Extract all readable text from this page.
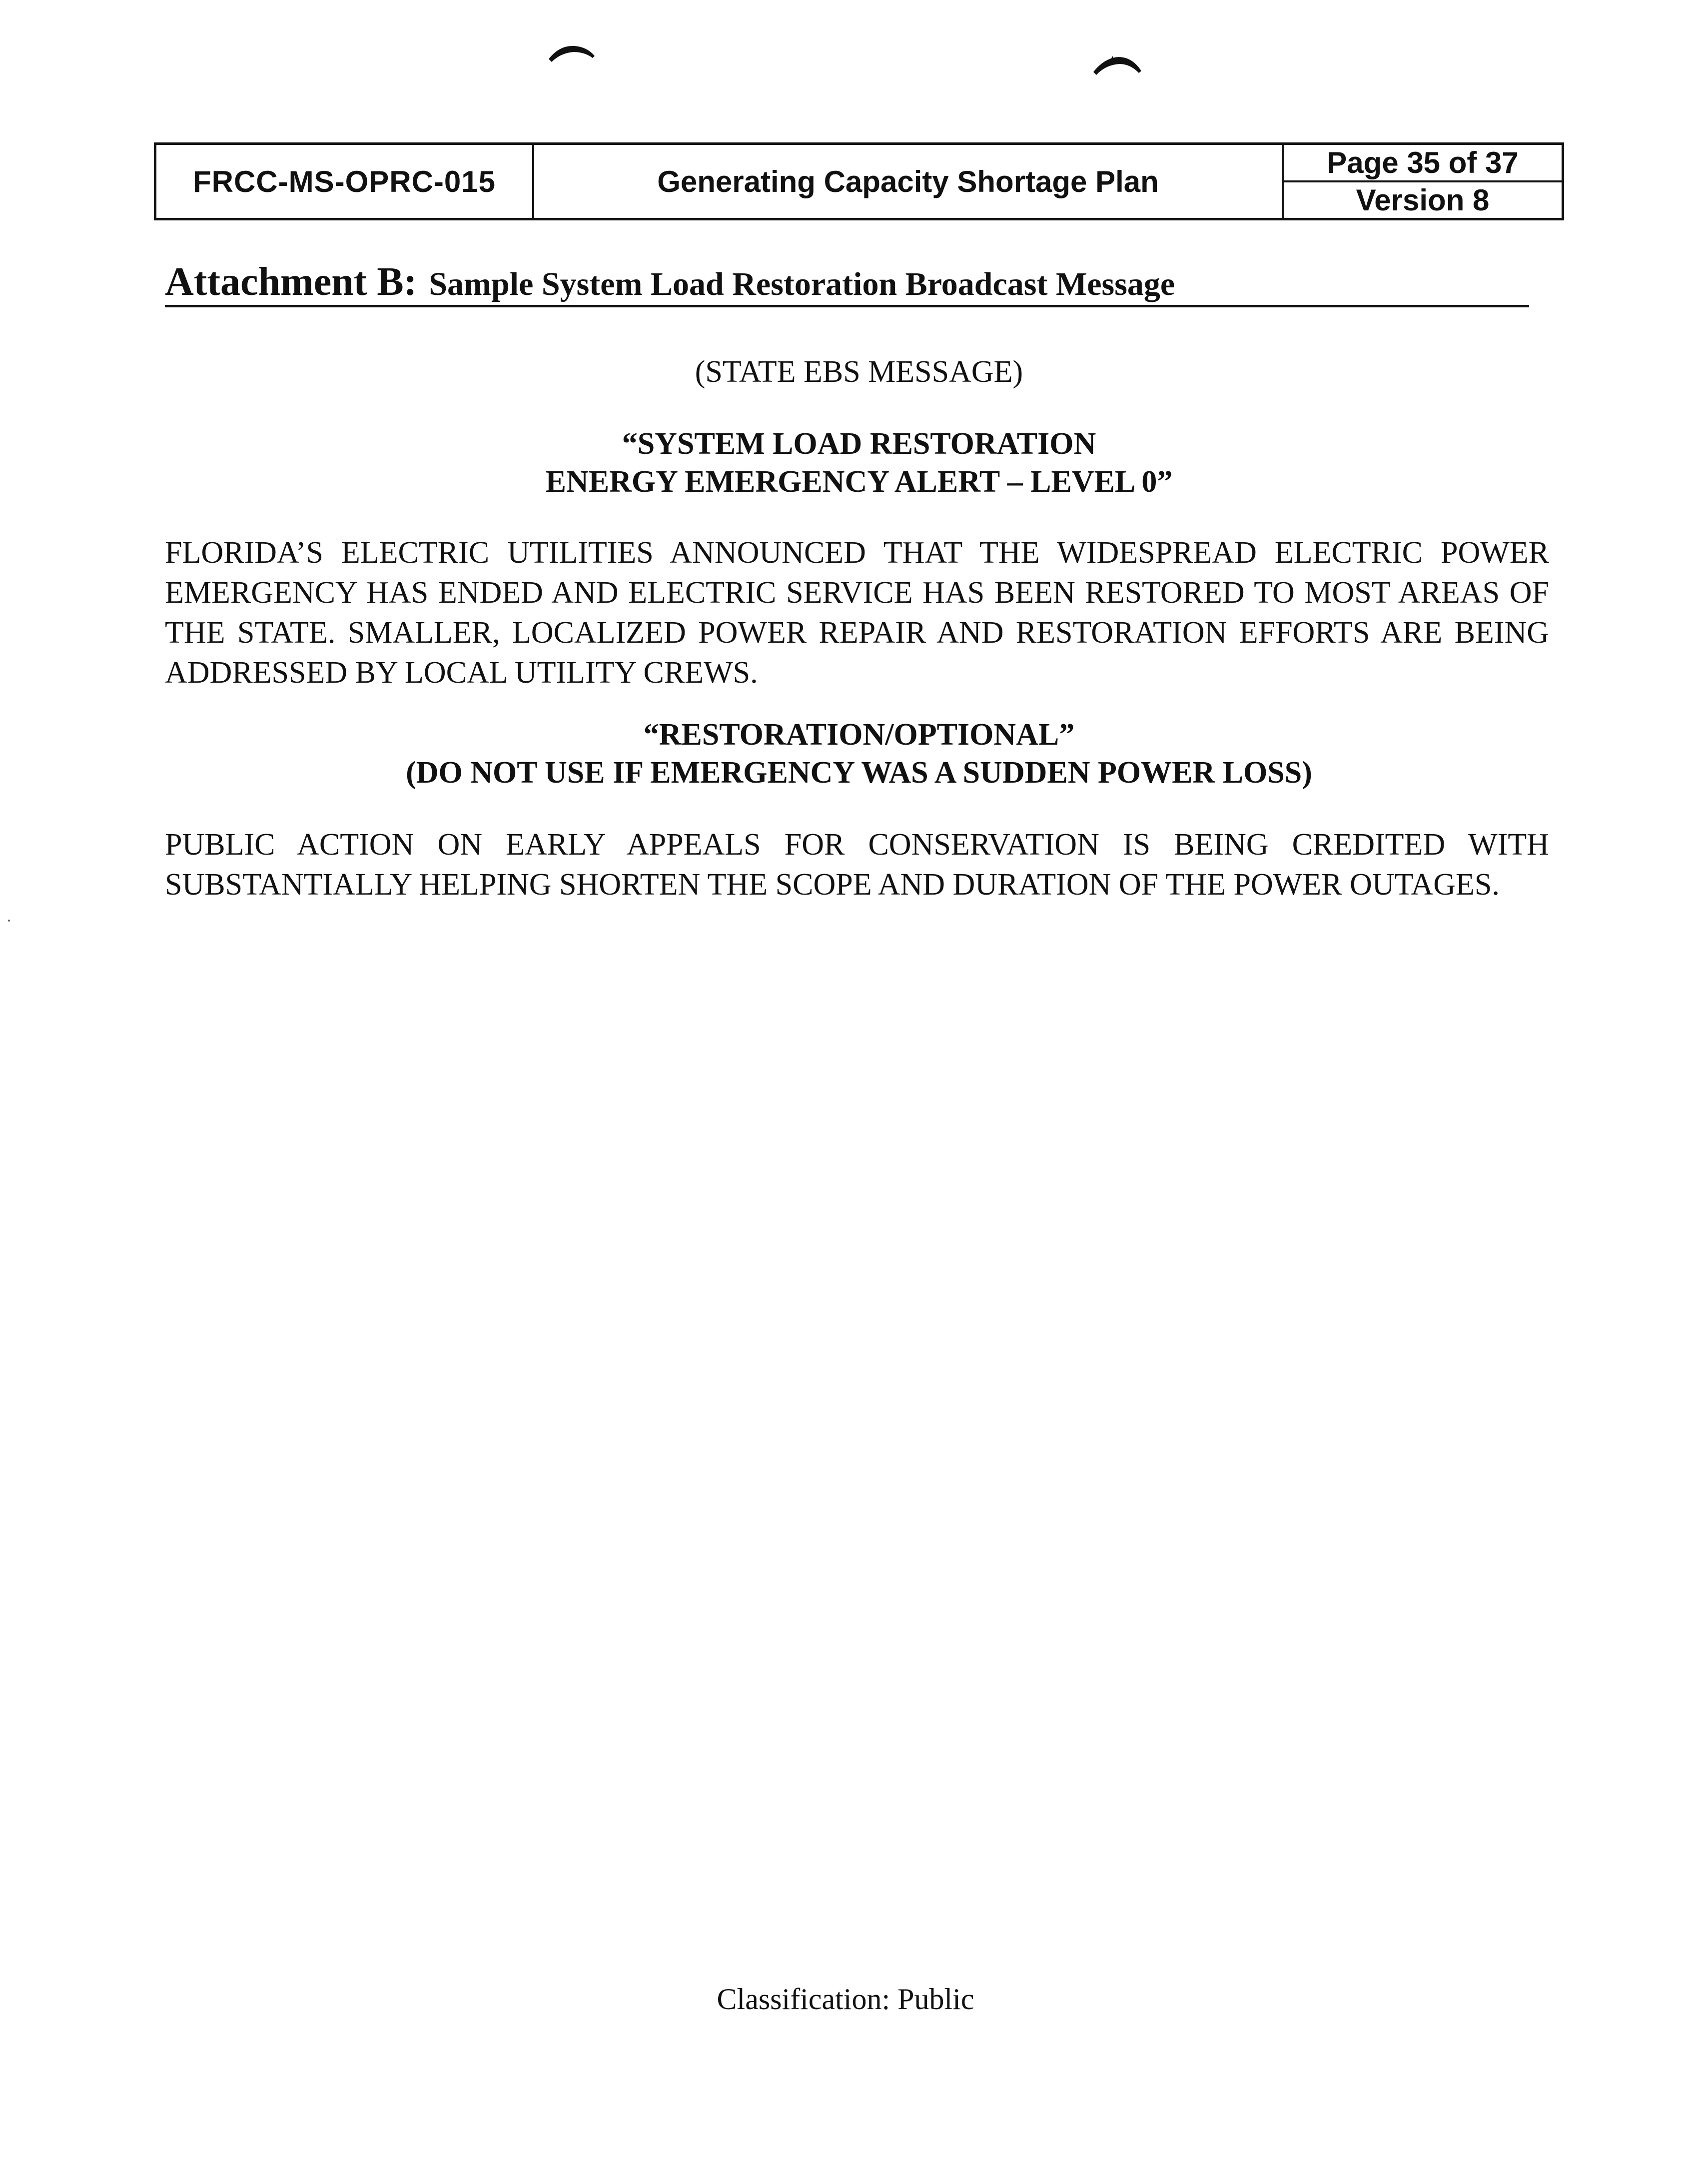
FRCC-MS-OPRC-015	Generating Capacity Shortage Plan
Page 35 of 37
Version 8
Attachment B: Sample System Load Restoration Broadcast Message
(STATE EBS MESSAGE)
“SYSTEM LOAD RESTORATION
ENERGY EMERGENCY ALERT – LEVEL 0”
FLORIDA’S ELECTRIC UTILITIES ANNOUNCED THAT THE WIDESPREAD ELECTRIC POWER EMERGENCY HAS ENDED AND ELECTRIC SERVICE HAS BEEN RESTORED TO MOST AREAS OF THE STATE. SMALLER, LOCALIZED POWER REPAIR AND RESTORATION EFFORTS ARE BEING ADDRESSED BY LOCAL UTILITY CREWS.
“RESTORATION/OPTIONAL”
(DO NOT USE IF EMERGENCY WAS A SUDDEN POWER LOSS)
PUBLIC ACTION ON EARLY APPEALS FOR CONSERVATION IS BEING CREDITED WITH SUBSTANTIALLY HELPING SHORTEN THE SCOPE AND DURATION OF THE POWER OUTAGES.
Classification: Public
